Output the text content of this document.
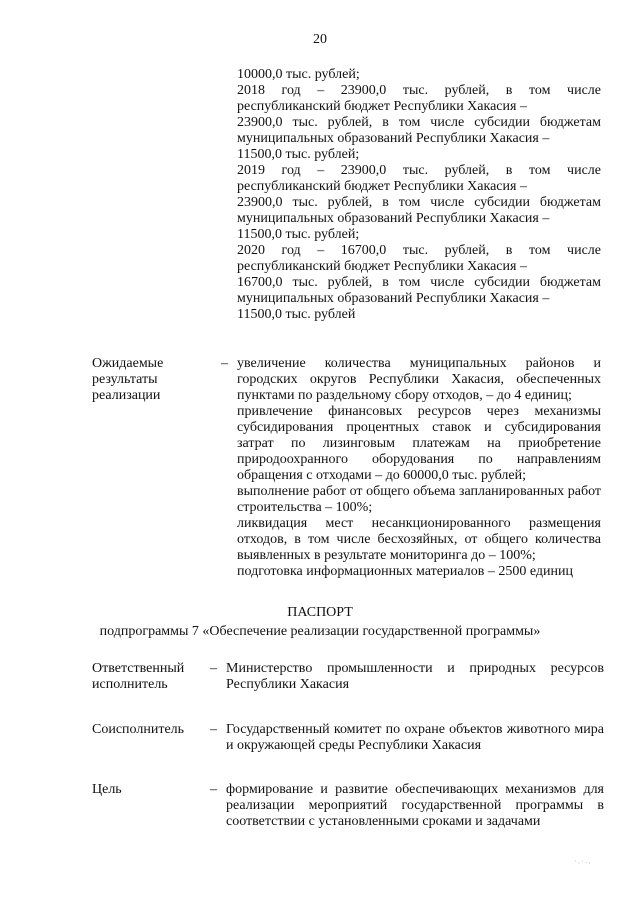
20
10000,0 тыс. рублей;
2018 год – 23900,0 тыс. рублей, в том числе
республиканский бюджет Республики Хакасия –
23900,0 тыс. рублей, в том числе субсидии бюджетам
муниципальных образований Республики Хакасия –
11500,0 тыс. рублей;
2019 год – 23900,0 тыс. рублей, в том числе
республиканский бюджет Республики Хакасия –
23900,0 тыс. рублей, в том числе субсидии бюджетам
муниципальных образований Республики Хакасия –
11500,0 тыс. рублей;
2020 год – 16700,0 тыс. рублей, в том числе
республиканский бюджет Республики Хакасия –
16700,0 тыс. рублей, в том числе субсидии бюджетам
муниципальных образований Республики Хакасия –
11500,0 тыс. рублей
Ожидаемые
результаты
реализации
– увеличение количества муниципальных районов и
городских округов Республики Хакасия, обеспеченных
пунктами по раздельному сбору отходов, – до 4 единиц;
привлечение финансовых ресурсов через механизмы
субсидирования процентных ставок и субсидирования
затрат по лизинговым платежам на приобретение
природоохранного оборудования по направлениям
обращения с отходами – до 60000,0 тыс. рублей;
выполнение работ от общего объема запланированных работ
строительства – 100%;
ликвидация мест несанкционированного размещения
отходов, в том числе бесхозяйных, от общего количества
выявленных в результате мониторинга до – 100%;
подготовка информационных материалов – 2500 единиц
ПАСПОРТ
подпрограммы 7 «Обеспечение реализации государственной программы»
Ответственный
исполнитель
– Министерство промышленности и природных ресурсов
Республики Хакасия
Соисполнитель – Государственный комитет по охране объектов животного мира
и окружающей среды Республики Хакасия
Цель	– формирование и развитие обеспечивающих механизмов для
реализации мероприятий государственной программы в
соответствии с установленными сроками и задачами
˙·˙ˑ·
